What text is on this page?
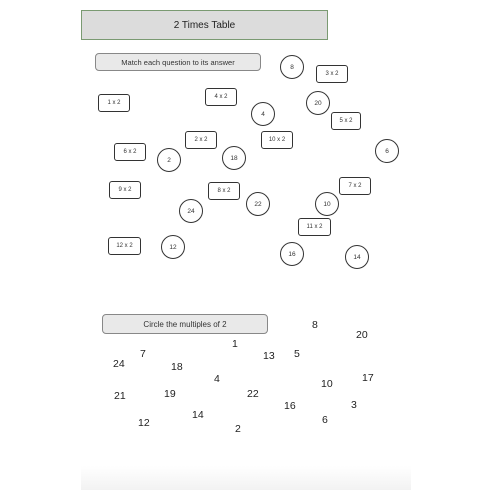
2 Times Table
Match each question to its answer
1 x 2
4 x 2
3 x 2
5 x 2
10 x 2
2 x 2
6 x 2
8 x 2
7 x 2
9 x 2
11 x 2
12 x 2
8
20
4
6
18
2
24
22	10
12
16	14
Circle the multiples of 2	8
20
7
1
13 5
24	18
4	17
10
21	19	22
16	3
14	6
12	2
